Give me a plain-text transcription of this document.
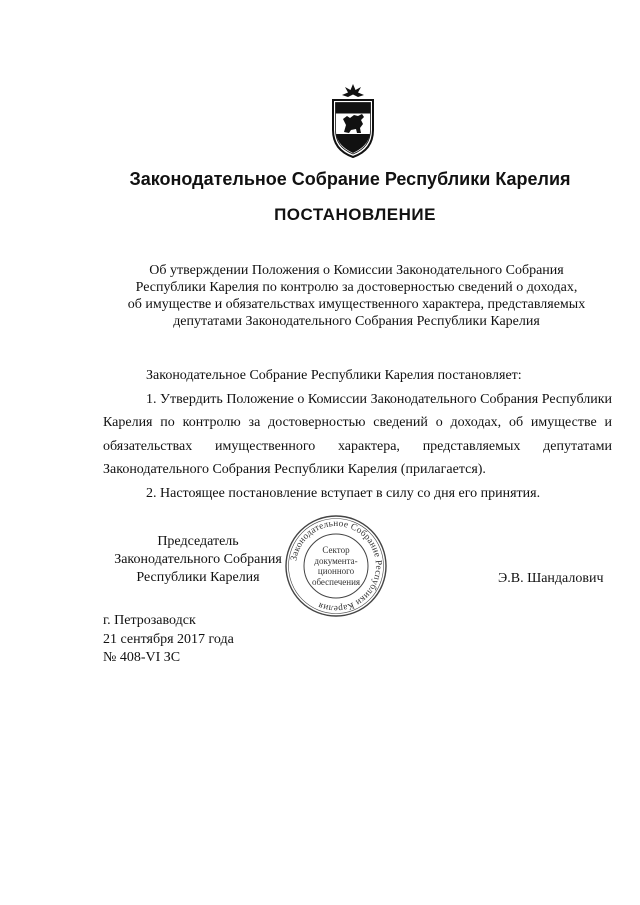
Законодательное Собрание Республики Карелия
ПОСТАНОВЛЕНИЕ
Об утверждении Положения о Комиссии Законодательного Собрания
Республики Карелия по контролю за достоверностью сведений о доходах,
об имуществе и обязательствах имущественного характера, представляемых
депутатами Законодательного Собрания Республики Карелия
Законодательное Собрание Республики Карелия постановляет:
1. Утвердить Положение о Комиссии Законодательного Собрания Республики Карелия по контролю за достоверностью сведений о доходах, об имуществе и обязательствах имущественного характера, представляемых депутатами Законодательного Собрания Республики Карелия (прилагается).
2. Настоящее постановление вступает в силу со дня его принятия.
Председатель
Законодательного Собрания
Республики Карелия
Законодательное Собрание Республики Карелия
Сектор
документа-
ционного
обеспечения	Э.В. Шандалович
г. Петрозаводск
21 сентября 2017 года
№ 408-VI ЗС
